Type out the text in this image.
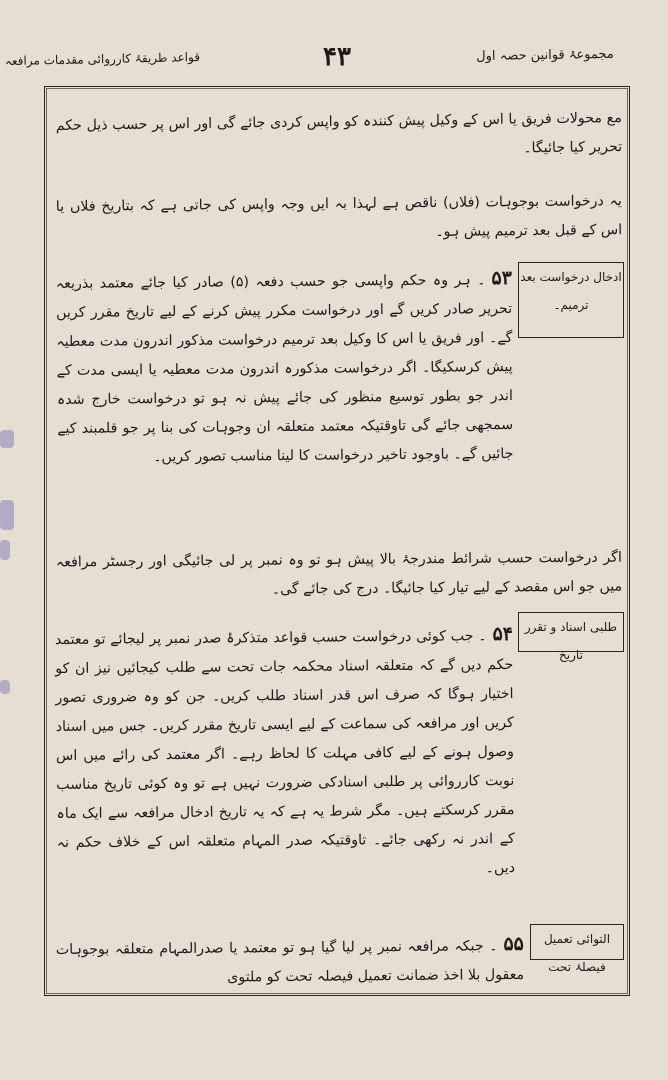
قواعد طریقۂ کارروائی مقدمات مرافعہ	۴۳	مجموعۂ قوانین حصہ اول
مع محولات فریق یا اس کے وکیل پیش کنندہ کو واپس کردی جائے گی اور اس پر حسب ذیل حکم تحریر کیا جائیگا۔
یہ درخواست بوجوہات (فلاں) ناقص ہے لہذا بہ ایں وجہ واپس کی جاتی ہے کہ بتاریخ فلاں یا اس کے قبل بعد ترمیم پیش ہو۔
ادخال درخواست بعد ترمیم۔
۵۳۔ ہر وہ حکم واپسی جو حسب دفعہ (۵) صادر کیا جائے معتمد بذریعہ تحریر صادر کریں گے اور درخواست مکرر پیش کرنے کے لیے تاریخ مقرر کریں گے۔ اور فریق یا اس کا وکیل بعد ترمیم درخواست مذکور اندرون مدت معطیہ پیش کرسکیگا۔ اگر درخواست مذکورہ اندرون مدت معطیہ یا ایسی مدت کے اندر جو بطور توسیع منظور کی جائے پیش نہ ہو تو درخواست خارج شدہ سمجھی جائے گی تاوقتیکہ معتمد متعلقہ ان وجوہات کی بنا پر جو قلمبند کیے جائیں گے۔ باوجود تاخیر درخواست کا لینا مناسب تصور کریں۔
اگر درخواست حسب شرائط مندرجۂ بالا پیش ہو تو وہ نمبر پر لی جائیگی اور رجسٹر مرافعہ میں جو اس مقصد کے لیے تیار کیا جائیگا۔ درج کی جائے گی۔
طلبی اسناد و تقرر تاریخ
۵۴۔ جب کوئی درخواست حسب قواعد متذکرۂ صدر نمبر پر لیجائے تو معتمد حکم دیں گے کہ متعلقہ اسناد محکمہ جات تحت سے طلب کیجائیں نیز ان کو اختیار ہوگا کہ صرف اس قدر اسناد طلب کریں۔ جن کو وہ ضروری تصور کریں اور مرافعہ کی سماعت کے لیے ایسی تاریخ مقرر کریں۔ جس میں اسناد وصول ہونے کے لیے کافی مہلت کا لحاظ رہے۔ اگر معتمد کی رائے میں اس نوبت کارروائی پر طلبی اسنادکی ضرورت نہیں ہے تو وہ کوئی تاریخ مناسب مقرر کرسکتے ہیں۔ مگر شرط یہ ہے کہ یہ تاریخ ادخال مرافعہ سے ایک ماہ کے اندر نہ رکھی جائے۔ تاوقتیکہ صدر المہام متعلقہ اس کے خلاف حکم نہ دیں۔
التوائی تعمیل فیصلۂ تحت
۵۵۔ جبکہ مرافعہ نمبر پر لیا گیا ہو تو معتمد یا صدرالمہام متعلقہ بوجوہات معقول بلا اخذ ضمانت تعمیل فیصلہ تحت کو ملتوی
